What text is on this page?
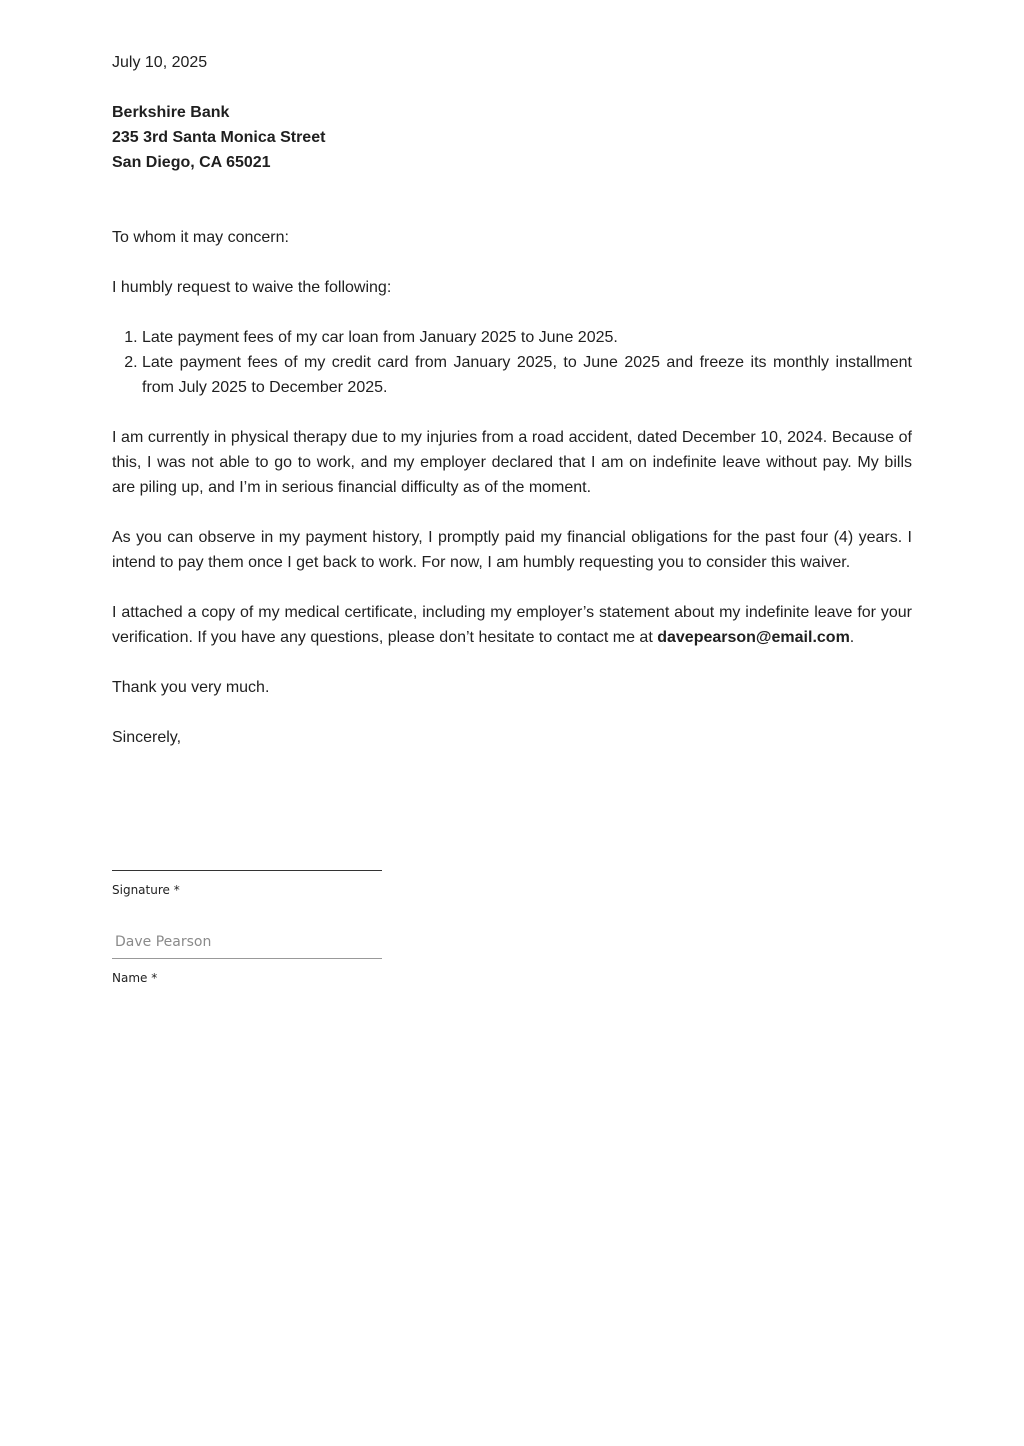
July 10, 2025

Berkshire Bank

235 3rd Santa Monica Street

San Diego, CA 65021

To whom it may concern:

I humbly request to waive the following:

1. Late payment fees of my car loan from January 2025 to June 2025.
2. Late payment fees of my credit card from January 2025, to June 2025 and freeze its monthly installment from July 2025 to December 2025.

I am currently in physical therapy due to my injuries from a road accident, dated December 10, 2024. Because of this, I was not able to go to work, and my employer declared that I am on indefinite leave without pay. My bills are piling up, and I’m in serious financial difficulty as of the moment.

As you can observe in my payment history, I promptly paid my financial obligations for the past four (4) years. I intend to pay them once I get back to work. For now, I am humbly requesting you to consider this waiver.

I attached a copy of my medical certificate, including my employer’s statement about my indefinite leave for your verification. If you have any questions, please don’t hesitate to contact me at davepearson@email.com.

Thank you very much.

Sincerely,

Signature *
Dave Pearson
Name *
